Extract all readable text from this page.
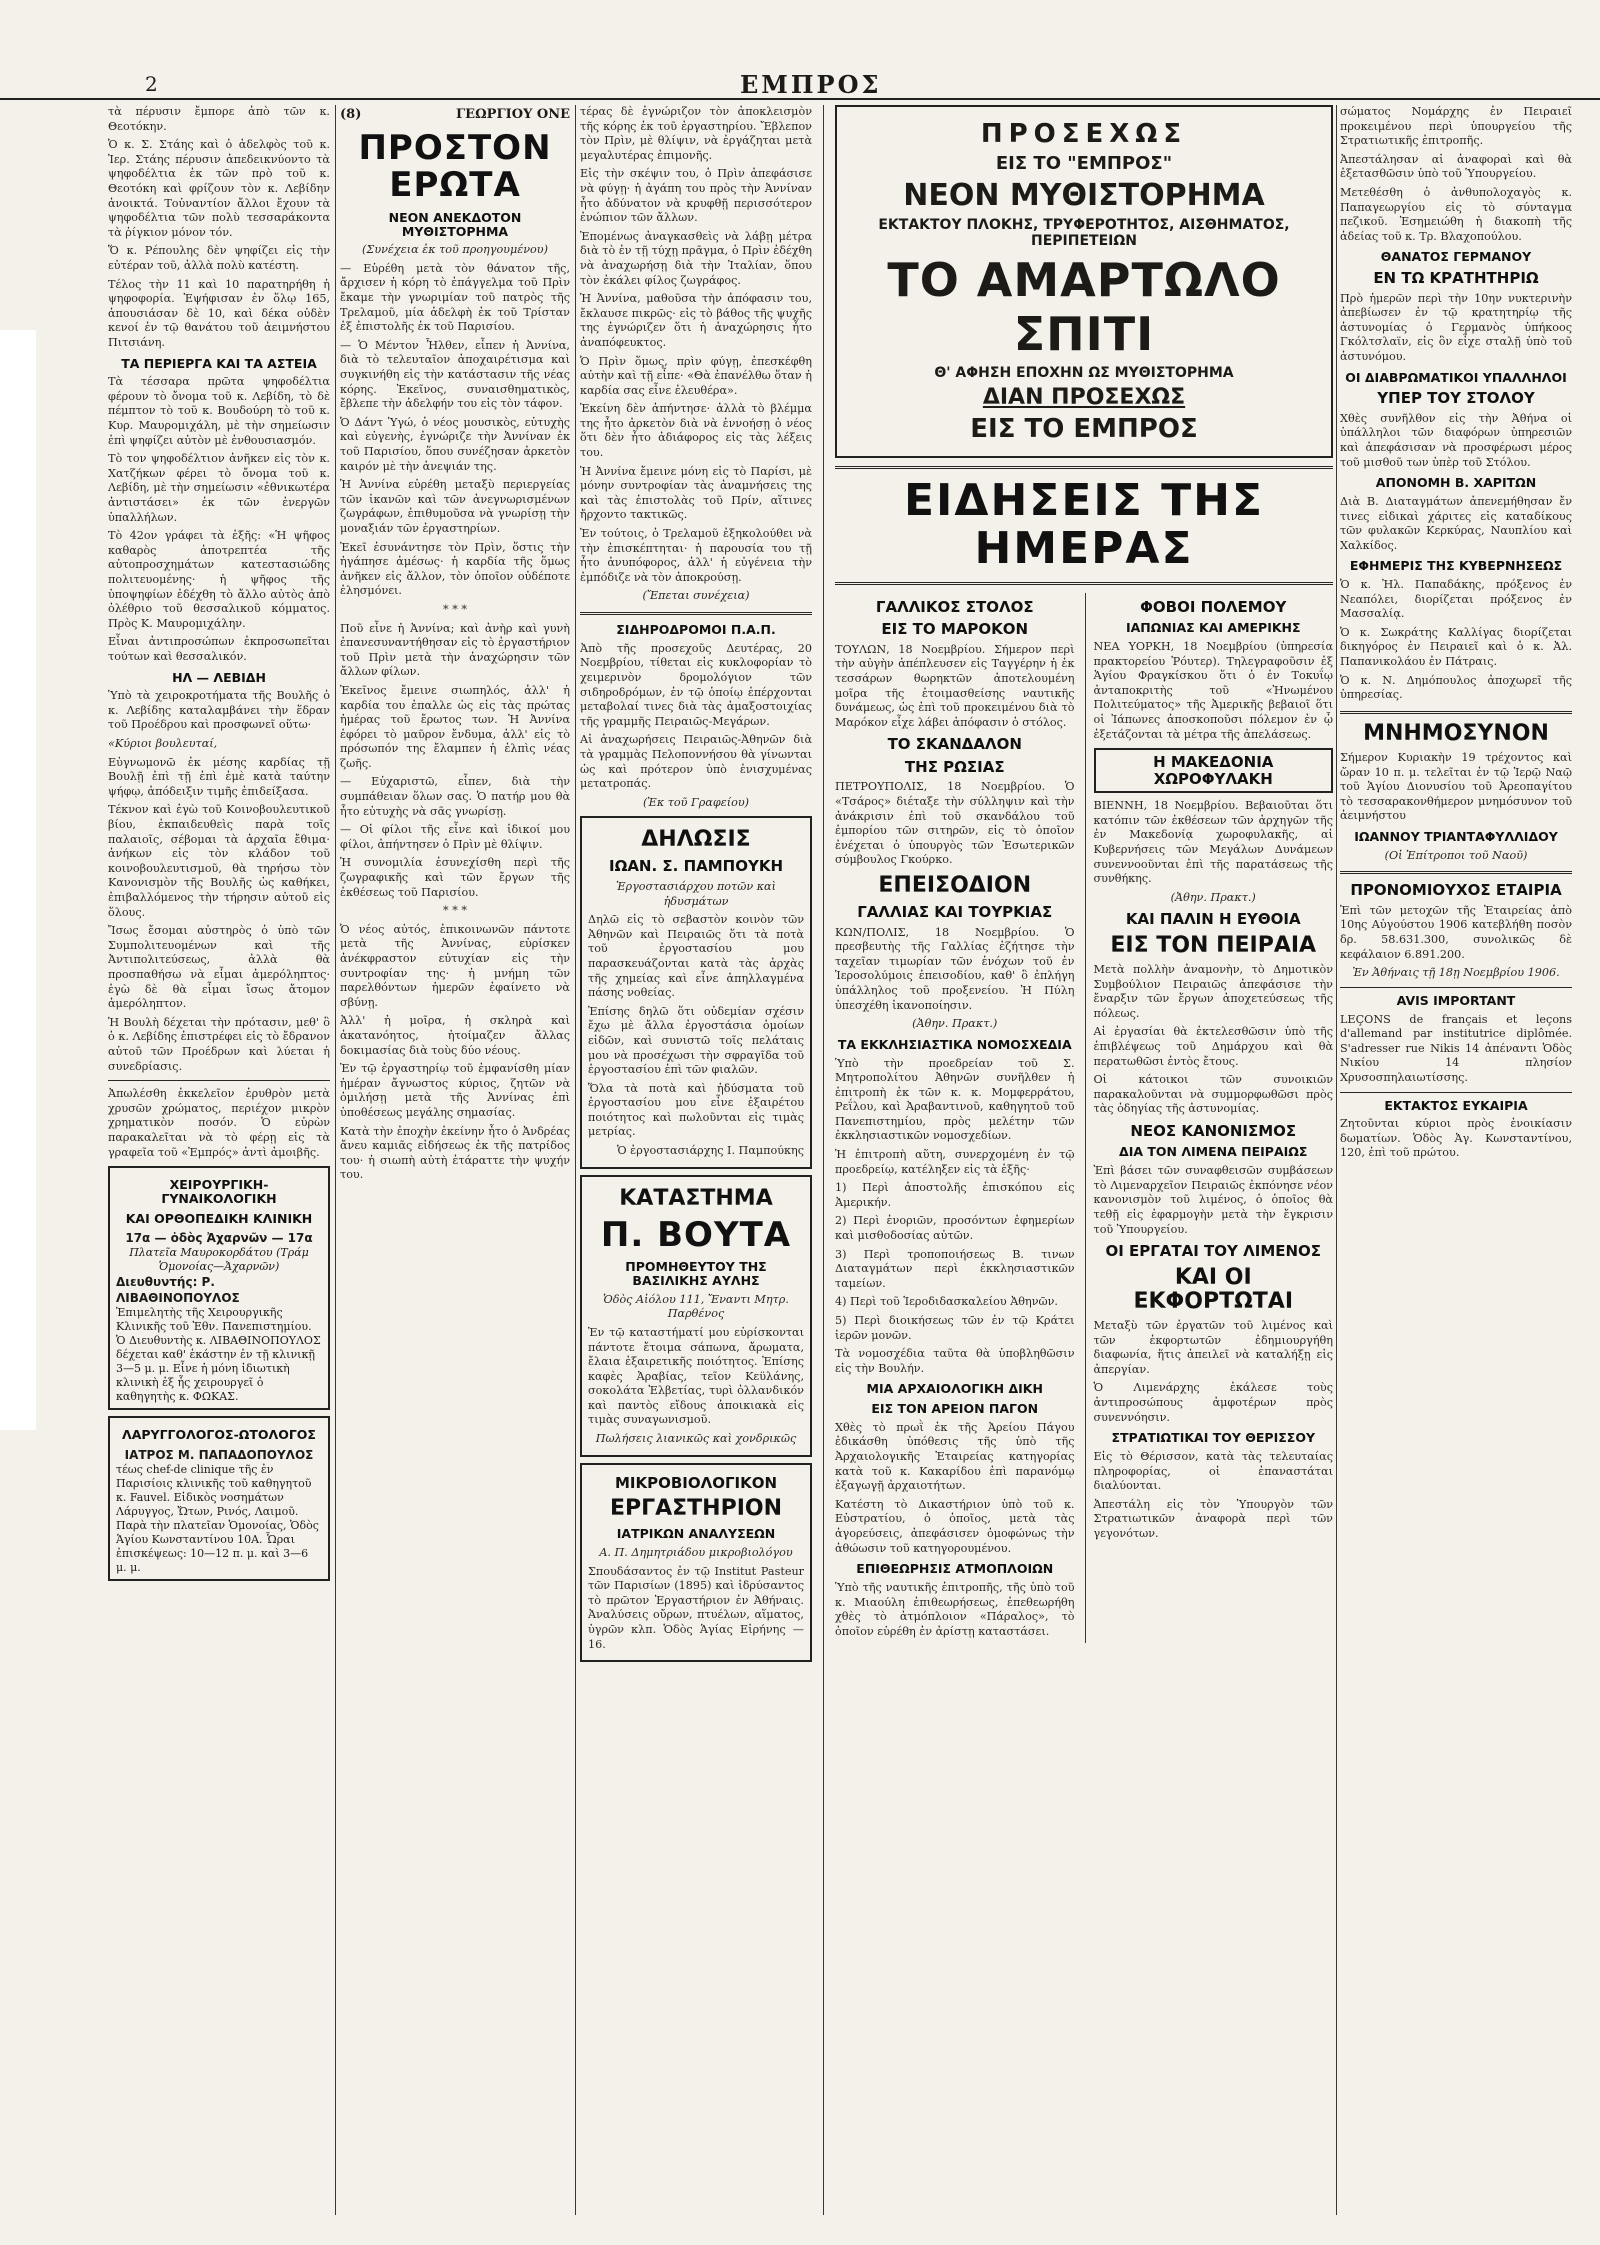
2	ΕΜΠΡΟΣ

τὰ πέρυσιν ἔμπορε ἀπὸ τῶν κ. Θεοτόκην.

Ὁ κ. Σ. Στάης καὶ ὁ ἀδελφὸς τοῦ κ. Ἰερ. Στάης πέρυσιν ἀπεδεικνύοντο τὰ ψηφοδέλτια ἐκ τῶν πρὸ τοῦ κ. Θεοτόκη καὶ φρίζουν τὸν κ. Λεβίδην ἀνοικτά. Τοὐναντίον ἄλλοι ἔχουν τὰ ψηφοδέλτια τῶν πολὺ τεσσαράκοντα τὰ ῥίγκιον μόνον τόν.

Ὅ κ. Ρέπουλης δὲν ψηφίζει εἰς τὴν εὐτέραν τοῦ, ἀλλὰ πολὺ κατέστη.

Τέλος τὴν 11 καὶ 10 παρατηρήθη ἡ ψηφοφορία. Ἐψήφισαν ἐν ὅλῳ 165, ἀπουσιάσαν δὲ 10, καὶ δέκα οὐδὲν κενοί ἐν τῷ θανάτου τοῦ ἀειμνήστου Πιτσιάνη.

ΤΑ ΠΕΡΙΕΡΓΑ ΚΑΙ ΤΑ ΑΣΤΕΙΑ

Τὰ τέσσαρα πρῶτα ψηφοδέλτια φέρουν τὸ ὄνομα τοῦ κ. Λεβίδη, τὸ δὲ πέμπτον τὸ τοῦ κ. Βουδούρη τὸ τοῦ κ. Κυρ. Μαυρομιχάλη, μὲ τὴν σημείωσιν ἐπὶ ψηφίζει αὐτὸν μὲ ἐνθουσιασμόν.

Τὸ τον ψηφοδέλτιον ἀνῆκεν εἰς τὸν κ. Χατζήκων φέρει τὸ ὄνομα τοῦ κ. Λεβίδη, μὲ τὴν σημείωσιν «ἐθνικωτέρα ἀντιστάσει» ἐκ τῶν ἐνεργῶν ὑπαλλήλων.

Τὸ 42ον γράφει τὰ ἑξῆς: «Ἡ ψῆφος καθαρὸς ἀποτρεπτέα τῆς αὐτοπροσχημάτων κατεστασιώδης πολιτευομένης· ἡ ψῆφος τῆς ὑποψηφίων ἐδέχθη τὸ ἄλλο αὐτὸς ἀπὸ ὀλέθριο τοῦ θεσσαλικοῦ κόμματος. Πρὸς Κ. Μαυρομιχάλην.

Εἶναι ἀντιπροσώπων ἐκπροσωπεῖται τούτων καὶ θεσσαλικόν.

ΗΛ — ΛΕΒΙΔΗ

Ὑπὸ τὰ χειροκροτήματα τῆς Βουλῆς ὁ κ. Λεβίδης καταλαμβάνει τὴν ἕδραν τοῦ Προέδρου καὶ προσφωνεῖ οὕτω·

«Κύριοι βουλευταί,

Εὐγνωμονῶ ἐκ μέσης καρδίας τῇ Βουλῇ ἐπὶ τῇ ἐπὶ ἐμὲ κατὰ ταύτην ψήφῳ, ἀπόδειξιν τιμῆς ἐπιδείξασα.

Τέκνον καὶ ἐγὼ τοῦ Κοινοβουλευτικοῦ βίου, ἐκπαιδευθεὶς παρὰ τοῖς παλαιοῖς, σέβομαι τὰ ἀρχαῖα ἔθιμα· ἀνήκων εἰς τὸν κλάδον τοῦ κοινοβουλευτισμοῦ, θὰ τηρήσω τὸν Κανονισμὸν τῆς Βουλῆς ὡς καθήκει, ἐπιβαλλόμενος τὴν τήρησιν αὐτοῦ εἰς ὅλους.

Ἴσως ἔσομαι αὐστηρὸς ὁ ὑπὸ τῶν Συμπολιτευομένων καὶ τῆς Ἀντιπολιτεύσεως, ἀλλὰ θὰ προσπαθήσω νὰ εἶμαι ἀμερόληπτος· ἐγὼ δὲ θὰ εἶμαι ἴσως ἄτομον ἀμερόληπτον.

Ἡ Βουλὴ δέχεται τὴν πρότασιν, μεθ' ὃ ὁ κ. Λεβίδης ἐπιστρέφει εἰς τὸ ἔδρανον αὐτοῦ τῶν Προέδρων καὶ λύεται ἡ συνεδρίασις.

Ἀπωλέσθη ἐκκελεῖον ἐρυθρὸν μετὰ χρυσῶν χρώματος, περιέχον μικρὸν χρηματικὸν ποσόν. Ὁ εὑρὼν παρακαλεῖται νὰ τὸ φέρῃ εἰς τὰ γραφεῖα τοῦ «Ἐμπρός» ἀντὶ ἀμοιβῆς.

ΧΕΙΡΟΥΡΓΙΚΗ-ΓΥΝΑΙΚΟΛΟΓΙΚΗ
ΚΑΙ ΟΡΘΟΠΕΔΙΚΗ ΚΛΙΝΙΚΗ
17α — ὁδὸς Ἀχαρνῶν — 17α
Πλατεῖα Μαυροκορδάτου (Τράμ Ὁμονοίας—Ἀχαρνῶν)
Διευθυντής: Ρ. ΛΙΒΑΘΙΝΟΠΟΥΛΟΣ
Ἐπιμελητὴς τῆς Χειρουργικῆς Κλινικῆς τοῦ Ἐθν. Πανεπιστημίου. Ὁ Διευθυντὴς κ. ΛΙΒΑΘΙΝΟΠΟΥΛΟΣ δέχεται καθ' ἑκάστην ἐν τῇ κλινικῇ 3—5 μ. μ. Εἶνε ἡ μόνη ἰδιωτικὴ κλινικὴ ἐξ ἧς χειρουργεῖ ὁ καθηγητὴς κ. ΦΩΚΑΣ.
ΛΑΡΥΓΓΟΛΟΓΟΣ-ΩΤΟΛΟΓΟΣ
ΙΑΤΡΟΣ Μ. ΠΑΠΑΔΟΠΟΥΛΟΣ
τέως chef-de clinique τῆς ἐν Παρισίοις κλινικῆς τοῦ καθηγητοῦ κ. Fauvel. Εἰδικὸς νοσημάτων Λάρυγγος, Ὤτων, Ρινός, Λαιμοῦ. Παρὰ τὴν πλατεῖαν Ὁμονοίας, Ὁδὸς Ἁγίου Κωνσταντίνου 10Α. Ὧραι ἐπισκέψεως: 10—12 π. μ. καὶ 3—6 μ. μ.
(8)	ΓΕΩΡΓΙΟΥ ΟΝΕ
ΠΡΟΣΤΟΝ ΕΡΩΤΑ
ΝΕΟΝ ΑΝΕΚΔΟΤΟΝ ΜΥΘΙΣΤΟΡΗΜΑ
(Συνέχεια ἐκ τοῦ προηγουμένου)

— Εὑρέθη μετὰ τὸν θάνατον τῆς, ἄρχισεν ἡ κόρη τὸ ἐπάγγελμα τοῦ Πρὶν ἔκαμε τὴν γνωριμίαν τοῦ πατρὸς τῆς Τρελαμοῦ, μία ἀδελφὴ ἐκ τοῦ Τρίσταν ἐξ ἐπιστολῆς ἐκ τοῦ Παρισίου.

— Ὁ Μέντον Ἦλθεν, εἶπεν ἡ Ἀννίνα, διὰ τὸ τελευταῖον ἀποχαιρέτισμα καὶ συγκινήθη εἰς τὴν κατάστασιν τῆς νέας κόρης. Ἐκεῖνος, συναισθηματικὸς, ἔβλεπε τὴν ἀδελφήν του εἰς τὸν τάφον.

Ὁ Δάντ Ὑγώ, ὁ νέος μουσικὸς, εὐτυχὴς καὶ εὐγενὴς, ἐγνώριζε τὴν Ἀννίναν ἐκ τοῦ Παρισίου, ὅπου συνέζησαν ἀρκετὸν καιρόν μὲ τὴν ἀνεψιάν της.

Ἡ Ἀννίνα εὑρέθη μεταξὺ περιεργείας τῶν ἱκανῶν καὶ τῶν ἀνεγνωρισμένων ζωγράφων, ἐπιθυμοῦσα νὰ γνωρίσῃ τὴν μοναξιάν τῶν ἐργαστηρίων.

Ἐκεῖ ἐσυνάντησε τὸν Πρὶν, ὅστις τὴν ἠγάπησε ἀμέσως· ἡ καρδία τῆς ὅμως ἀνῆκεν εἰς ἄλλον, τὸν ὁποῖον οὐδέποτε ἐλησμόνει.

* * *

Ποῦ εἶνε ἡ Ἀννίνα; καὶ ἀνὴρ καὶ γυνὴ ἐπανεσυναντήθησαν εἰς τὸ ἐργαστήριον τοῦ Πρὶν μετὰ τὴν ἀναχώρησιν τῶν ἄλλων φίλων.

Ἐκεῖνος ἔμεινε σιωπηλός, ἀλλ' ἡ καρδία του ἐπαλλε ὡς εἰς τὰς πρώτας ἡμέρας τοῦ ἔρωτος των. Ἡ Ἀννίνα ἐφόρει τὸ μαῦρον ἔνδυμα, ἀλλ' εἰς τὸ πρόσωπόν της ἔλαμπεν ἡ ἐλπὶς νέας ζωῆς.

— Εὐχαριστῶ, εἶπεν, διὰ τὴν συμπάθειαν ὅλων σας. Ὁ πατήρ μου θὰ ἦτο εὐτυχὴς νὰ σᾶς γνωρίσῃ.

— Οἱ φίλοι τῆς εἶνε καὶ ἰδικοί μου φίλοι, ἀπήντησεν ὁ Πρὶν μὲ θλίψιν.

Ἡ συνομιλία ἐσυνεχίσθη περὶ τῆς ζωγραφικῆς καὶ τῶν ἔργων τῆς ἐκθέσεως τοῦ Παρισίου.

* * *

Ὁ νέος αὐτός, ἐπικοινωνῶν πάντοτε μετὰ τῆς Ἀννίνας, εὑρίσκεν ἀνέκφραστον εὐτυχίαν εἰς τὴν συντροφίαν της· ἡ μνήμη τῶν παρελθόντων ἡμερῶν ἐφαίνετο νὰ σβύνῃ.

Ἀλλ' ἡ μοῖρα, ἡ σκληρὰ καὶ ἀκατανόητος, ἡτοίμαζεν ἄλλας δοκιμασίας διὰ τοὺς δύο νέους.

Ἐν τῷ ἐργαστηρίῳ τοῦ ἐμφανίσθη μίαν ἡμέραν ἄγνωστος κύριος, ζητῶν νὰ ὁμιλήσῃ μετὰ τῆς Ἀννίνας ἐπὶ ὑποθέσεως μεγάλης σημασίας.

Κατὰ τὴν ἐποχὴν ἐκείνην ἦτο ὁ Ἀνδρέας ἄνευ καμιᾶς εἰδήσεως ἐκ τῆς πατρίδος του· ἡ σιωπὴ αὐτὴ ἐτάραττε τὴν ψυχήν του.

τέρας δὲ ἐγνώριζον τὸν ἀποκλεισμὸν τῆς κόρης ἐκ τοῦ ἐργαστηρίου. Ἔβλεπον τὸν Πρὶν, μὲ θλίψιν, νὰ ἐργάζηται μετὰ μεγαλυτέρας ἐπιμονῆς.

Εἰς τὴν σκέψιν του, ὁ Πρὶν ἀπεφάσισε νὰ φύγῃ· ἡ ἀγάπη του πρὸς τὴν Ἀννίναν ἦτο ἀδύνατον νὰ κρυφθῇ περισσότερον ἐνώπιον τῶν ἄλλων.

Ἐπομένως ἀναγκασθεὶς νὰ λάβῃ μέτρα διὰ τὸ ἐν τῇ τύχῃ πρᾶγμα, ὁ Πρὶν ἐδέχθη νὰ ἀναχωρήσῃ διὰ τὴν Ἰταλίαν, ὅπου τὸν ἐκάλει φίλος ζωγράφος.

Ἡ Ἀννίνα, μαθοῦσα τὴν ἀπόφασιν του, ἔκλαυσε πικρῶς· εἰς τὸ βάθος τῆς ψυχῆς της ἐγνώριζεν ὅτι ἡ ἀναχώρησις ἦτο ἀναπόφευκτος.

Ὁ Πρὶν ὅμως, πρὶν φύγῃ, ἐπεσκέφθη αὐτὴν καὶ τῇ εἶπε· «Θὰ ἐπανέλθω ὅταν ἡ καρδία σας εἶνε ἐλευθέρα».

Ἐκείνη δὲν ἀπήντησε· ἀλλὰ τὸ βλέμμα της ἦτο ἀρκετὸν διὰ νὰ ἐννοήσῃ ὁ νέος ὅτι δὲν ἦτο ἀδιάφορος εἰς τὰς λέξεις του.

Ἡ Ἀννίνα ἔμεινε μόνη εἰς τὸ Παρίσι, μὲ μόνην συντροφίαν τὰς ἀναμνήσεις της καὶ τὰς ἐπιστολὰς τοῦ Πρίν, αἵτινες ἤρχοντο τακτικῶς.

Ἐν τούτοις, ὁ Τρελαμοῦ ἐξηκολούθει νὰ τὴν ἐπισκέπτηται· ἡ παρουσία του τῇ ἦτο ἀνυπόφορος, ἀλλ' ἡ εὐγένεια τὴν ἐμπόδιζε νὰ τὸν ἀποκρούσῃ.

(Ἔπεται συνέχεια)
ΣΙΔΗΡΟΔΡΟΜΟΙ Π.Α.Π.

Ἀπὸ τῆς προσεχοῦς Δευτέρας, 20 Νοεμβρίου, τίθεται εἰς κυκλοφορίαν τὸ χειμερινὸν δρομολόγιον τῶν σιδηροδρόμων, ἐν τῷ ὁποίῳ ἐπέρχονται μεταβολαί τινες διὰ τὰς ἀμαξοστοιχίας τῆς γραμμῆς Πειραιῶς-Μεγάρων.

Αἱ ἀναχωρήσεις Πειραιῶς-Ἀθηνῶν διὰ τὰ γραμμὰς Πελοποννήσου θὰ γίνωνται ὡς καὶ πρότερον ὑπὸ ἐνισχυμένας μετατροπάς.

(Ἐκ τοῦ Γραφείου)
ΔΗΛΩΣΙΣ
ΙΩΑΝ. Σ. ΠΑΜΠΟΥΚΗ
Ἐργοστασιάρχου ποτῶν καὶ ἡδυσμάτων

Δηλῶ εἰς τὸ σεβαστὸν κοινὸν τῶν Ἀθηνῶν καὶ Πειραιῶς ὅτι τὰ ποτὰ τοῦ ἐργοστασίου μου παρασκευάζονται κατὰ τὰς ἀρχὰς τῆς χημείας καὶ εἶνε ἀπηλλαγμένα πάσης νοθείας.

Ἐπίσης δηλῶ ὅτι οὐδεμίαν σχέσιν ἔχω μὲ ἄλλα ἐργοστάσια ὁμοίων εἰδῶν, καὶ συνιστῶ τοῖς πελάταις μου νὰ προσέχωσι τὴν σφραγῖδα τοῦ ἐργοστασίου ἐπὶ τῶν φιαλῶν.

Ὅλα τὰ ποτὰ καὶ ἡδύσματα τοῦ ἐργοστασίου μου εἶνε ἐξαιρέτου ποιότητος καὶ πωλοῦνται εἰς τιμὰς μετρίας.

Ὁ ἐργοστασιάρχης Ι. Παμπούκης
ΚΑΤΑΣΤΗΜΑ
Π. ΒΟΥΤΑ
ΠΡΟΜΗΘΕΥΤΟΥ ΤΗΣ ΒΑΣΙΛΙΚΗΣ ΑΥΛΗΣ
Ὁδὸς Αἰόλου 111, Ἔναντι Μητρ. Παρθένος

Ἐν τῷ καταστήματί μου εὑρίσκονται πάντοτε ἔτοιμα σάπωνα, ἄρωματα, ἔλαια ἐξαιρετικῆς ποιότητος. Ἐπίσης καφὲς Ἀραβίας, τεῖον Κεϋλάνης, σοκολάτα Ἑλβετίας, τυρὶ ὀλλανδικόν καὶ παντὸς εἴδους ἀποικιακὰ εἰς τιμὰς συναγωνισμοῦ.

Πωλήσεις λιανικῶς καὶ χονδρικῶς
ΜΙΚΡΟΒΙΟΛΟΓΙΚΟΝ
ΕΡΓΑΣΤΗΡΙΟΝ
ΙΑΤΡΙΚΩΝ ΑΝΑΛΥΣΕΩΝ
Α. Π. Δημητριάδου μικροβιολόγου

Σπουδάσαντος ἐν τῷ Institut Pasteur τῶν Παρισίων (1895) καὶ ἰδρύσαντος τὸ πρῶτον Ἐργαστήριον ἐν Ἀθήναις. Ἀναλύσεις οὔρων, πτυέλων, αἵματος, ὑγρῶν κλπ. Ὁδὸς Ἁγίας Εἰρήνης — 16.

ΠΡΟΣΕΧΩΣ
ΕΙΣ ΤΟ "ΕΜΠΡΟΣ"
ΝΕΟΝ ΜΥΘΙΣΤΟΡΗΜΑ
ΕΚΤΑΚΤΟΥ ΠΛΟΚΗΣ, ΤΡΥΦΕΡΟΤΗΤΟΣ, ΑΙΣΘΗΜΑΤΟΣ, ΠΕΡΙΠΕΤΕΙΩΝ
ΤΟ ΑΜΑΡΤΩΛΟ ΣΠΙΤΙ
Θ' ΑΦΗΣΗ ΕΠΟΧΗΝ ΩΣ ΜΥΘΙΣΤΟΡΗΜΑ
ΔΙΑΝ ΠΡΟΣΕΧΩΣ
ΕΙΣ ΤΟ ΕΜΠΡΟΣ
ΕΙΔΗΣΕΙΣ ΤΗΣ ΗΜΕΡΑΣ
ΓΑΛΛΙΚΟΣ ΣΤΟΛΟΣ
ΕΙΣ ΤΟ ΜΑΡΟΚΟΝ

ΤΟΥΛΩΝ, 18 Νοεμβρίου. Σήμερον περὶ τὴν αὐγὴν ἀπέπλευσεν εἰς Ταγγέρην ἡ ἐκ τεσσάρων θωρηκτῶν ἀποτελουμένη μοῖρα τῆς ἐτοιμασθείσης ναυτικῆς δυνάμεως, ὡς ἐπὶ τοῦ προκειμένου διὰ τὸ Μαρόκον εἶχε λάβει ἀπόφασιν ὁ στόλος.

ΤΟ ΣΚΑΝΔΑΛΟΝ
ΤΗΣ ΡΩΣΙΑΣ

ΠΕΤΡΟΥΠΟΛΙΣ, 18 Νοεμβρίου. Ὁ «Τσάρος» διέταξε τὴν σύλληψιν καὶ τὴν ἀνάκρισιν ἐπὶ τοῦ σκανδάλου τοῦ ἐμπορίου τῶν σιτηρῶν, εἰς τὸ ὁποῖον ἐνέχεται ὁ ὑπουργὸς τῶν Ἐσωτερικῶν σύμβουλος Γκούρκο.

ΕΠΕΙΣΟΔΙΟΝ
ΓΑΛΛΙΑΣ ΚΑΙ ΤΟΥΡΚΙΑΣ

ΚΩΝ/ΠΟΛΙΣ, 18 Νοεμβρίου. Ὁ πρεσβευτὴς τῆς Γαλλίας ἐζήτησε τὴν ταχεῖαν τιμωρίαν τῶν ἐνόχων τοῦ ἐν Ἱεροσολύμοις ἐπεισοδίου, καθ' ὃ ἐπλήγη ὑπάλληλος τοῦ προξενείου. Ἡ Πύλη ὑπεσχέθη ἱκανοποίησιν.

(Ἀθην. Πρακτ.)
ΤΑ ΕΚΚΛΗΣΙΑΣΤΙΚΑ ΝΟΜΟΣΧΕΔΙΑ

Ὑπὸ τὴν προεδρείαν τοῦ Σ. Μητροπολίτου Ἀθηνῶν συνῆλθεν ἡ ἐπιτροπὴ ἐκ τῶν κ. κ. Μομφερράτου, Ρεΐλου, καὶ Ἀραβαντινοῦ, καθηγητοῦ τοῦ Πανεπιστημίου, πρὸς μελέτην τῶν ἐκκλησιαστικῶν νομοσχεδίων.

Ἡ ἐπιτροπὴ αὕτη, συνερχομένη ἐν τῷ προεδρείῳ, κατέληξεν εἰς τὰ ἑξῆς·

1) Περὶ ἀποστολῆς ἐπισκόπου εἰς Ἀμερικήν.

2) Περὶ ἐνοριῶν, προσόντων ἐφημερίων καὶ μισθοδοσίας αὐτῶν.

3) Περὶ τροποποιήσεως Β. τινων Διαταγμάτων περὶ ἐκκλησιαστικῶν ταμείων.

4) Περὶ τοῦ Ἱεροδιδασκαλείου Ἀθηνῶν.

5) Περὶ διοικήσεως τῶν ἐν τῷ Κράτει ἱερῶν μονῶν.

Τὰ νομοσχέδια ταῦτα θὰ ὑποβληθῶσιν εἰς τὴν Βουλήν.

ΜΙΑ ΑΡΧΑΙΟΛΟΓΙΚΗ ΔΙΚΗ
ΕΙΣ ΤΟΝ ΑΡΕΙΟΝ ΠΑΓΟΝ

Χθὲς τὸ πρωῒ ἐκ τῆς Ἀρείου Πάγου ἐδικάσθη ὑπόθεσις τῆς ὑπὸ τῆς Ἀρχαιολογικῆς Ἑταιρείας κατηγορίας κατὰ τοῦ κ. Κακαρίδου ἐπὶ παρανόμῳ ἐξαγωγῇ ἀρχαιοτήτων.

Κατέστη τὸ Δικαστήριον ὑπὸ τοῦ κ. Εὐστρατίου, ὁ ὁποῖος, μετὰ τὰς ἀγορεύσεις, ἀπεφάσισεν ὁμοφώνως τὴν ἀθώωσιν τοῦ κατηγορουμένου.

ΕΠΙΘΕΩΡΗΣΙΣ ΑΤΜΟΠΛΟΙΩΝ

Ὑπὸ τῆς ναυτικῆς ἐπιτροπῆς, τῆς ὑπὸ τοῦ κ. Μιαούλη ἐπιθεωρήσεως, ἐπεθεωρήθη χθὲς τὸ ἀτμόπλοιον «Πάραλος», τὸ ὁποῖον εὑρέθη ἐν ἀρίστῃ καταστάσει.

ΦΟΒΟΙ ΠΟΛΕΜΟΥ
ΙΑΠΩΝΙΑΣ ΚΑΙ ΑΜΕΡΙΚΗΣ

ΝΕΑ ΥΟΡΚΗ, 18 Νοεμβρίου (ὑπηρεσία πρακτορείου Ῥόυτερ). Τηλεγραφοῦσιν ἐξ Ἁγίου Φραγκίσκου ὅτι ὁ ἐν Τοκυΐῳ ἀνταποκριτὴς τοῦ «Ἠνωμένου Πολιτεύματος» τῆς Ἀμερικῆς βεβαιοῖ ὅτι οἱ Ἰάπωνες ἀποσκοποῦσι πόλεμον ἐν ᾧ ἐξετάζονται τὰ μέτρα τῆς ἀπελάσεως.

Η ΜΑΚΕΔΟΝΙΑ ΧΩΡΟΦΥΛΑΚΗ

ΒΙΕΝΝΗ, 18 Νοεμβρίου. Βεβαιοῦται ὅτι κατόπιν τῶν ἐκθέσεων τῶν ἀρχηγῶν τῆς ἐν Μακεδονίᾳ χωροφυλακῆς, αἱ Κυβερνήσεις τῶν Μεγάλων Δυνάμεων συνεννοοῦνται ἐπὶ τῆς παρατάσεως τῆς συνθήκης.

(Ἀθην. Πρακτ.)
ΚΑΙ ΠΑΛΙΝ Η ΕΥΘΟΙΑ
ΕΙΣ ΤΟΝ ΠΕΙΡΑΙΑ

Μετὰ πολλὴν ἀναμονὴν, τὸ Δημοτικὸν Συμβούλιον Πειραιῶς ἀπεφάσισε τὴν ἔναρξιν τῶν ἔργων ἀποχετεύσεως τῆς πόλεως.

Αἱ ἐργασίαι θὰ ἐκτελεσθῶσιν ὑπὸ τῆς ἐπιβλέψεως τοῦ Δημάρχου καὶ θὰ περατωθῶσι ἐντὸς ἔτους.

Οἱ κάτοικοι τῶν συνοικιῶν παρακαλοῦνται νὰ συμμορφωθῶσι πρὸς τὰς ὁδηγίας τῆς ἀστυνομίας.

ΝΕΟΣ ΚΑΝΟΝΙΣΜΟΣ
ΔΙΑ ΤΟΝ ΛΙΜΕΝΑ ΠΕΙΡΑΙΩΣ

Ἐπὶ βάσει τῶν συναφθεισῶν συμβάσεων τὸ Λιμεναρχεῖον Πειραιῶς ἐκπόνησε νέον κανονισμὸν τοῦ λιμένος, ὁ ὁποῖος θὰ τεθῇ εἰς ἐφαρμογὴν μετὰ τὴν ἔγκρισιν τοῦ Ὑπουργείου.

ΟΙ ΕΡΓΑΤΑΙ ΤΟΥ ΛΙΜΕΝΟΣ
ΚΑΙ ΟΙ ΕΚΦΟΡΤΩΤΑΙ

Μεταξὺ τῶν ἐργατῶν τοῦ λιμένος καὶ τῶν ἐκφορτωτῶν ἐδημιουργήθη διαφωνία, ἥτις ἀπειλεῖ νὰ καταλήξῃ εἰς ἀπεργίαν.

Ὁ Λιμενάρχης ἐκάλεσε τοὺς ἀντιπροσώπους ἀμφοτέρων πρὸς συνεννόησιν.

ΣΤΡΑΤΙΩΤΙΚΑΙ ΤΟΥ ΘΕΡΙΣΣΟΥ

Εἰς τὸ Θέρισσον, κατὰ τὰς τελευταίας πληροφορίας, οἱ ἐπαναστάται διαλύονται.

Ἀπεστάλη εἰς τὸν Ὑπουργὸν τῶν Στρατιωτικῶν ἀναφορὰ περὶ τῶν γεγονότων.

σώματος Νομάρχης ἐν Πειραιεῖ προκειμένου περὶ ὑπουργείου τῆς Στρατιωτικῆς ἐπιτροπῆς.

Ἀπεστάλησαν αἱ ἀναφοραὶ καὶ θὰ ἐξετασθῶσιν ὑπὸ τοῦ Ὑπουργείου.

Μετεθέσθη ὁ ἀνθυπολοχαγὸς κ. Παπαγεωργίου εἰς τὸ σύνταγμα πεζικοῦ. Ἐσημειώθη ἡ διακοπὴ τῆς ἀδείας τοῦ κ. Τρ. Βλαχοπούλου.

ΘΑΝΑΤΟΣ ΓΕΡΜΑΝΟΥ
ΕΝ ΤΩ ΚΡΑΤΗΤΗΡΙΩ

Πρὸ ἡμερῶν περὶ τὴν 10ην νυκτερινὴν ἀπεβίωσεν ἐν τῷ κρατητηρίῳ τῆς ἀστυνομίας ὁ Γερμανὸς ὑπήκοος Γκόλτσλαϊν, εἰς ὃν εἶχε σταλῇ ὑπὸ τοῦ ἀστυνόμου.

ΟΙ ΔΙΑΒΡΩΜΑΤΙΚΟΙ ΥΠΑΛΛΗΛΟΙ
ΥΠΕΡ ΤΟΥ ΣΤΟΛΟΥ

Χθὲς συνῆλθον εἰς τὴν Ἀθήνα οἱ ὑπάλληλοι τῶν διαφόρων ὑπηρεσιῶν καὶ ἀπεφάσισαν νὰ προσφέρωσι μέρος τοῦ μισθοῦ των ὑπὲρ τοῦ Στόλου.

ΑΠΟΝΟΜΗ Β. ΧΑΡΙΤΩΝ

Διὰ Β. Διαταγμάτων ἀπενεμήθησαν ἔν τινες εἰδικαὶ χάριτες εἰς καταδίκους τῶν φυλακῶν Κερκύρας, Ναυπλίου καὶ Χαλκίδος.

ΕΦΗΜΕΡΙΣ ΤΗΣ ΚΥΒΕΡΝΗΣΕΩΣ

Ὁ κ. Ἠλ. Παπαδάκης, πρόξενος ἐν Νεαπόλει, διορίζεται πρόξενος ἐν Μασσαλίᾳ.

Ὁ κ. Σωκράτης Καλλίγας διορίζεται δικηγόρος ἐν Πειραιεῖ καὶ ὁ κ. Ἀλ. Παπανικολάου ἐν Πάτραις.

Ὁ κ. Ν. Δημόπουλος ἀποχωρεῖ τῆς ὑπηρεσίας.

ΜΝΗΜΟΣΥΝΟΝ

Σήμερον Κυριακὴν 19 τρέχοντος καὶ ὥραν 10 π. μ. τελεῖται ἐν τῷ Ἱερῷ Ναῷ τοῦ Ἁγίου Διονυσίου τοῦ Ἀρεοπαγίτου τὸ τεσσαρακονθήμερον μνημόσυνον τοῦ ἀειμνήστου

ΙΩΑΝΝΟΥ ΤΡΙΑΝΤΑΦΥΛΛΙΔΟΥ
(Οἱ Ἐπίτροποι τοῦ Ναοῦ)
ΠΡΟΝΟΜΙΟΥΧΟΣ ΕΤΑΙΡΙΑ

Ἐπὶ τῶν μετοχῶν τῆς Ἑταιρείας ἀπὸ 10ης Αὐγούστου 1906 κατεβλήθη ποσὸν δρ. 58.631.300, συνολικῶς δὲ κεφάλαιον 6.891.200.

Ἐν Ἀθήναις τῇ 18ῃ Νοεμβρίου 1906.
AVIS IMPORTANT

LEÇONS de français et leçons d'allemand par institutrice diplômée. S'adresser rue Nikis 14 ἀπέναντι Ὁδὸς Νικίου 14 πλησίον Χρυσοσπηλαιωτίσσης.

ΕΚΤΑΚΤΟΣ ΕΥΚΑΙΡΙΑ

Ζητοῦνται κύριοι πρὸς ἐνοικίασιν δωματίων. Ὁδὸς Ἀγ. Κωνσταντίνου, 120, ἐπὶ τοῦ πρώτου.
